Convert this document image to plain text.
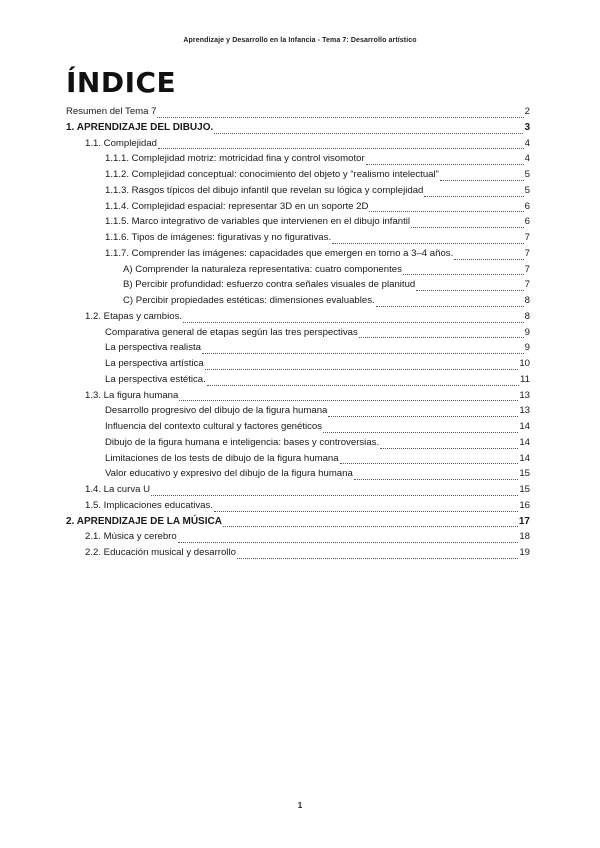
Aprendizaje y Desarrollo en la Infancia - Tema 7: Desarrollo artístico
ÍNDICE
Resumen del Tema 7	2
1. APRENDIZAJE DEL DIBUJO.	3
1.1. Complejidad	4
1.1.1. Complejidad motriz: motricidad fina y control visomotor	4
1.1.2. Complejidad conceptual: conocimiento del objeto y “realismo intelectual”	5
1.1.3. Rasgos típicos del dibujo infantil que revelan su lógica y complejidad	5
1.1.4. Complejidad espacial: representar 3D en un soporte 2D	6
1.1.5. Marco integrativo de variables que intervienen en el dibujo infantil	6
1.1.6. Tipos de imágenes: figurativas y no figurativas.	7
1.1.7. Comprender las imágenes: capacidades que emergen en torno a 3–4 años.	7
A) Comprender la naturaleza representativa: cuatro componentes	7
B) Percibir profundidad: esfuerzo contra señales visuales de planitud	7
C) Percibir propiedades estéticas: dimensiones evaluables.	8
1.2. Etapas y cambios.	8
Comparativa general de etapas según las tres perspectivas	9
La perspectiva realista	9
La perspectiva artística	10
La perspectiva estética.	11
1.3. La figura humana	13
Desarrollo progresivo del dibujo de la figura humana	13
Influencia del contexto cultural y factores genéticos	14
Dibujo de la figura humana e inteligencia: bases y controversias.	14
Limitaciones de los tests de dibujo de la figura humana	14
Valor educativo y expresivo del dibujo de la figura humana	15
1.4. La curva U	15
1.5. Implicaciones educativas.	16
2. APRENDIZAJE DE LA MÚSICA	17
2.1. Música y cerebro	18
2.2. Educación musical y desarrollo	19
1
